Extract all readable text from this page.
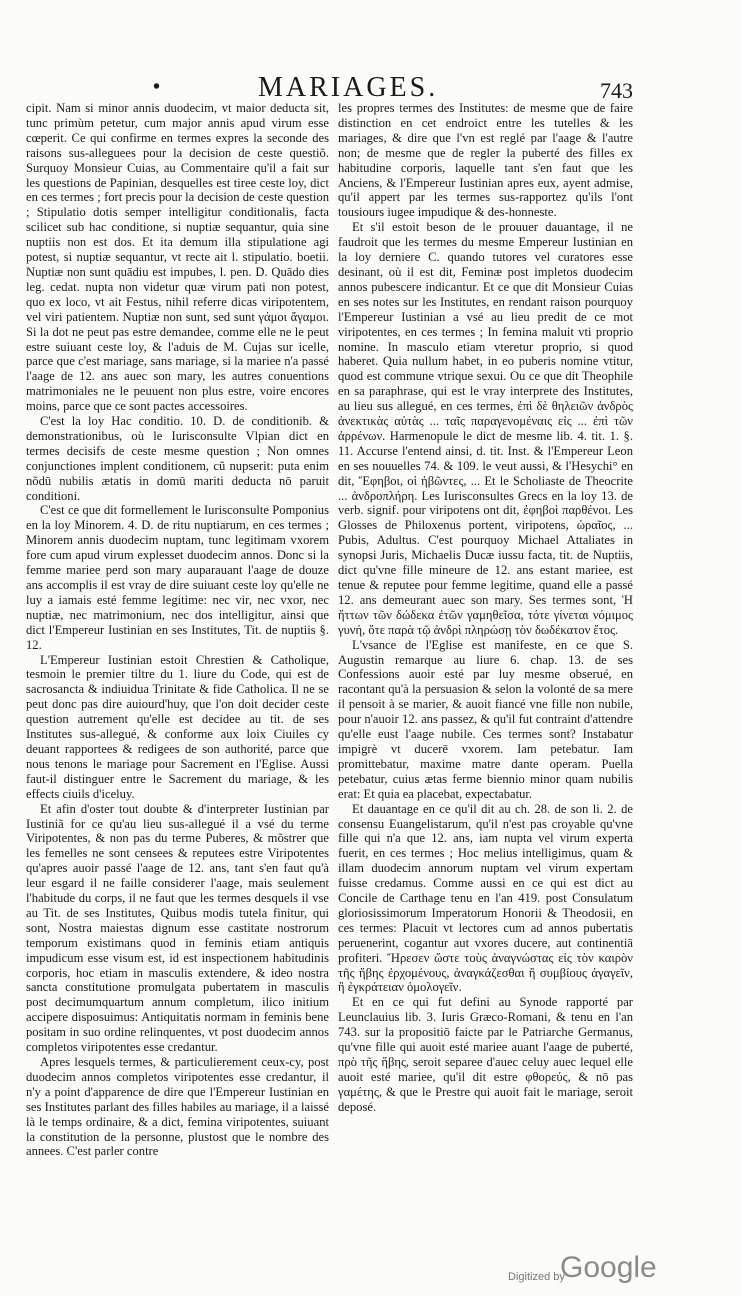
•	MARIAGES.	743

cipit. Nam si minor annis duodecim, vt maior deducta sit, tunc primùm petetur, cum major annis apud virum esse cœperit. Ce qui confirme en termes expres la seconde des raisons sus-alleguees pour la decision de ceste questiõ. Surquoy Monsieur Cuias, au Commentaire qu'il a fait sur les questions de Papinian, desquelles est tiree ceste loy, dict en ces termes ; fort precis pour la decision de ceste question ; Stipulatio dotis semper intelligitur conditionalis, facta scilicet sub hac conditione, si nuptiæ sequantur, quia sine nuptiis non est dos. Et ita demum illa stipulatione agi potest, si nuptiæ sequantur, vt recte ait l. stipulatio. boetii. Nuptiæ non sunt quādiu est impubes, l. pen. D. Quādo dies leg. cedat. nupta non videtur quæ virum pati non potest, quo ex loco, vt ait Festus, nihil referre dicas viripotentem, vel viri patientem. Nuptiæ non sunt, sed sunt γάμοι ἄγαμοι. Si la dot ne peut pas estre demandee, comme elle ne le peut estre suiuant ceste loy, & l'aduis de M. Cujas sur icelle, parce que c'est mariage, sans mariage, si la mariee n'a passé l'aage de 12. ans auec son mary, les autres conuentions matrimoniales ne le peuuent non plus estre, voire encores moins, parce que ce sont pactes accessoires.

C'est la loy Hac conditio. 10. D. de conditionib. & demonstrationibus, où le Iurisconsulte Vlpian dict en termes decisifs de ceste mesme question ; Non omnes conjunctiones implent conditionem, cũ nupserit: puta enim nõdū nubilis ætatis in domū mariti deducta nō paruit conditioni.

C'est ce que dit formellement le Iurisconsulte Pomponius en la loy Minorem. 4. D. de ritu nuptiarum, en ces termes ; Minorem annis duodecim nuptam, tunc legitimam vxorem fore cum apud virum explesset duodecim annos. Donc si la femme mariee perd son mary auparauant l'aage de douze ans accomplis il est vray de dire suiuant ceste loy qu'elle ne luy a iamais esté femme legitime: nec vir, nec vxor, nec nuptiæ, nec matrimonium, nec dos intelligitur, ainsi que dict l'Empereur Iustinian en ses Institutes, Tit. de nuptiis §. 12.

L'Empereur Iustinian estoit Chrestien & Catholique, tesmoin le premier tiltre du 1. liure du Code, qui est de sacrosancta & indiuidua Trinitate & fide Catholica. Il ne se peut donc pas dire auiourd'huy, que l'on doit decider ceste question autrement qu'elle est decidee au tit. de ses Institutes sus-allegué, & conforme aux loix Ciuiles cy deuant rapportees & redigees de son authorité, parce que nous tenons le mariage pour Sacrement en l'Eglise. Aussi faut-il distinguer entre le Sacrement du mariage, & les effects ciuils d'iceluy.

Et afin d'oster tout doubte & d'interpreter Iustinian par Iustiniã for ce qu'au lieu sus-allegué il a vsé du terme Viripotentes, & non pas du terme Puberes, & mõstrer que les femelles ne sont censees & reputees estre Viripotentes qu'apres auoir passé l'aage de 12. ans, tant s'en faut qu'à leur esgard il ne faille considerer l'aage, mais seulement l'habitude du corps, il ne faut que les termes desquels il vse au Tit. de ses Institutes, Quibus modis tutela finitur, qui sont, Nostra maiestas dignum esse castitate nostrorum temporum existimans quod in feminis etiam antiquis impudicum esse visum est, id est inspectionem habitudinis corporis, hoc etiam in masculis extendere, & ideo nostra sancta constitutione promulgata pubertatem in masculis post decimumquartum annum completum, ilico initium accipere disposuimus: Antiquitatis normam in feminis bene positam in suo ordine relinquentes, vt post duodecim annos completos viripotentes esse credantur.

Apres lesquels termes, & particulierement ceux-cy, post duodecim annos completos viripotentes esse credantur, il n'y a point d'apparence de dire que l'Empereur Iustinian en ses Institutes parlant des filles habiles au mariage, il a laissé là le temps ordinaire, & a dict, femina viripotentes, suiuant la constitution de la personne, plustost que le nombre des annees. C'est parler contre

les propres termes des Institutes: de mesme que de faire distinction en cet endroict entre les tutelles & les mariages, & dire que l'vn est reglé par l'aage & l'autre non; de mesme que de regler la puberté des filles ex habitudine corporis, laquelle tant s'en faut que les Anciens, & l'Empereur Iustinian apres eux, ayent admise, qu'il appert par les termes sus-rapportez qu'ils l'ont tousiours iugee impudique & des-honneste.

Et s'il estoit beson de le prouuer dauantage, il ne faudroit que les termes du mesme Empereur Iustinian en la loy derniere C. quando tutores vel curatores esse desinant, où il est dit, Feminæ post impletos duodecim annos pubescere indicantur. Et ce que dit Monsieur Cuias en ses notes sur les Institutes, en rendant raison pourquoy l'Empereur Iustinian a vsé au lieu predit de ce mot viripotentes, en ces termes ; In femina maluit vti proprio nomine. In masculo etiam vteretur proprio, si quod haberet. Quia nullum habet, in eo puberis nomine vtitur, quod est commune vtrique sexui. Ou ce que dit Theophile en sa paraphrase, qui est le vray interprete des Institutes, au lieu sus allegué, en ces termes, ἐπὶ δὲ θηλειῶν ἀνδρὸς ἀνεκτικὰς αὐτὰς ... ταῖς παραγενομέναις εἰς ... ἐπὶ τῶν ἀρρένων. Harmenopule le dict de mesme lib. 4. tit. 1. §. 11. Accurse l'entend ainsi, d. tit. Inst. & l'Empereur Leon en ses nouuelles 74. & 109. le veut aussi, & l'Hesychi° en dit, Ἔφηβοι, οἱ ἡβῶντες, ... Et le Scholiaste de Theocrite ... ἀνδροπλήρη. Les Iurisconsultes Grecs en la loy 13. de verb. signif. pour viripotens ont dit, ἐφηβοὶ παρθένοι. Les Glosses de Philoxenus portent, viripotens, ὡραῖος, ... Pubis, Adultus. C'est pourquoy Michael Attaliates in synopsi Juris, Michaelis Ducæ iussu facta, tit. de Nuptiis, dict qu'vne fille mineure de 12. ans estant mariee, est tenue & reputee pour femme legitime, quand elle a passé 12. ans demeurant auec son mary. Ses termes sont, Ἡ ἥττων τῶν δώδεκα ἐτῶν γαμηθεῖσα, τότε γίνεται νόμιμος γυνή, ὅτε παρὰ τῷ ἀνδρὶ πληρώσῃ τὸν δωδέκατον ἔτος.

L'vsance de l'Eglise est manifeste, en ce que S. Augustin remarque au liure 6. chap. 13. de ses Confessions auoir esté par luy mesme obserué, en racontant qu'à la persuasion & selon la volonté de sa mere il pensoit à se marier, & auoit fiancé vne fille non nubile, pour n'auoir 12. ans passez, & qu'il fut contraint d'attendre qu'elle eust l'aage nubile. Ces termes sont? Instabatur impigrè vt ducerē vxorem. Iam petebatur. Iam promittebatur, maxime matre dante operam. Puella petebatur, cuius ætas ferme biennio minor quam nubilis erat: Et quia ea placebat, expectabatur.

Et dauantage en ce qu'il dit au ch. 28. de son li. 2. de consensu Euangelistarum, qu'il n'est pas croyable qu'vne fille qui n'a que 12. ans, iam nupta vel virum experta fuerit, en ces termes ; Hoc melius intelligimus, quam & illam duodecim annorum nuptam vel virum expertam fuisse credamus. Comme aussi en ce qui est dict au Concile de Carthage tenu en l'an 419. post Consulatum gloriosissimorum Imperatorum Honorii & Theodosii, en ces termes: Placuit vt lectores cum ad annos pubertatis peruenerint, cogantur aut vxores ducere, aut continentiā profiteri. Ἤρεσεν ὥστε τοὺς ἀναγνώστας εἰς τὸν καιρὸν τῆς ἥβης ἐρχομένους, ἀναγκάζεσθαι ἢ συμβίους ἀγαγεῖν, ἢ ἐγκράτειαν ὁμολογεῖν.

Et en ce qui fut defini au Synode rapporté par Leunclauius lib. 3. Iuris Græco-Romani, & tenu en l'an 743. sur la propositiō faicte par le Patriarche Germanus, qu'vne fille qui auoit esté mariee auant l'aage de puberté, πρὸ τῆς ἥβης, seroit separee d'auec celuy auec lequel elle auoit esté mariee, qu'il dit estre φθορεύς, & nō pas γαμέτης, & que le Prestre qui auoit fait le mariage, seroit deposé.

Digitized by
Google
